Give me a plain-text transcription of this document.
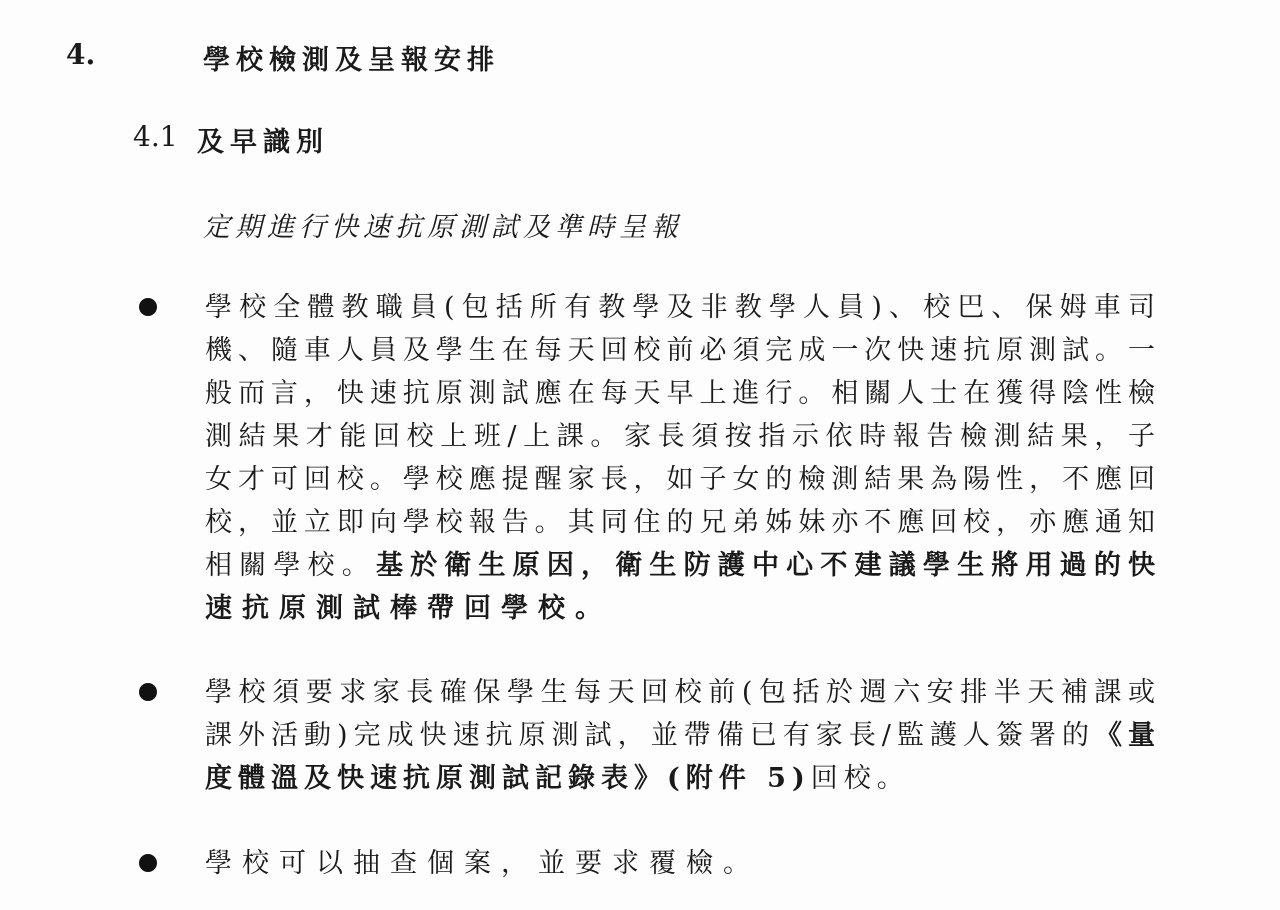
4.	學校檢測及呈報安排
4.1 及早識別
定期進行快速抗原測試及準時呈報
學校全體教職員(包括所有教學及非教學人員)、校巴、保姆車司
機、隨車人員及學生在每天回校前必須完成一次快速抗原測試。一
般而言，快速抗原測試應在每天早上進行。相關人士在獲得陰性檢
測結果才能回校上班/上課。家長須按指示依時報告檢測結果，子
女才可回校。學校應提醒家長，如子女的檢測結果為陽性，不應回
校，並立即向學校報告。其同住的兄弟姊妹亦不應回校，亦應通知
相關學校。基於衛生原因，衛生防護中心不建議學生將用過的快
速抗原測試棒帶回學校。
學校須要求家長確保學生每天回校前(包括於週六安排半天補課或
課外活動)完成快速抗原測試，並帶備已有家長/監護人簽署的《量
度體溫及快速抗原測試記錄表》(附件 5)回校。
學校可以抽查個案，並要求覆檢。
